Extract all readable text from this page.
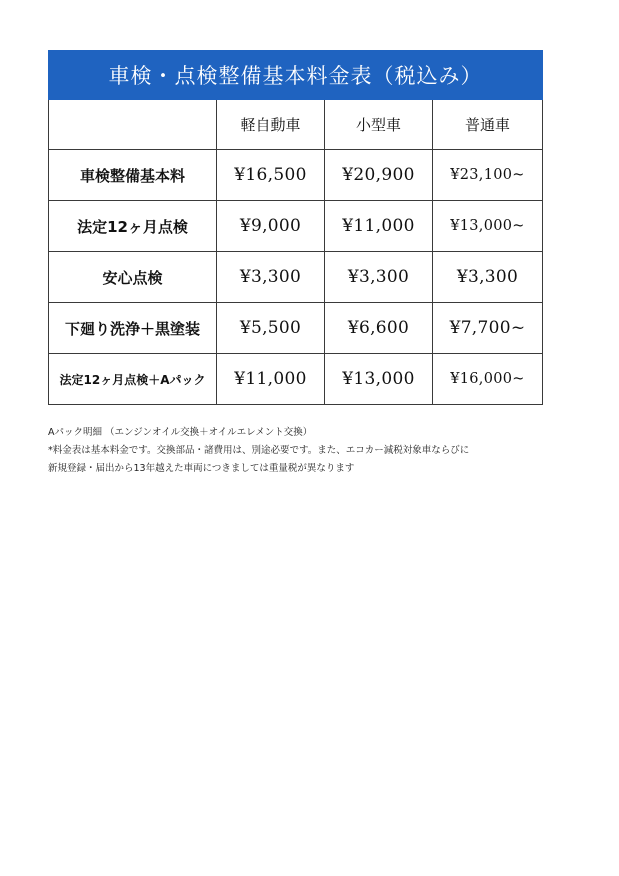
車検・点検整備基本料金表（税込み）			
	軽自動車	小型車	普通車
車検整備基本料	¥16,500	¥20,900	¥23,100~
法定12ヶ月点検	¥9,000	¥11,000	¥13,000~
安心点検	¥3,300	¥3,300	¥3,300
下廻り洗浄＋黒塗装	¥5,500	¥6,600	¥7,700~
法定12ヶ月点検＋Aパック	¥11,000	¥13,000	¥16,000~
Aパック明細 （エンジンオイル交換＋オイルエレメント交換）
*料金表は基本料金です。交換部品・諸費用は、別途必要です。また、エコカー減税対象車ならびに
新規登録・届出から13年越えた車両につきましては重量税が異なります
